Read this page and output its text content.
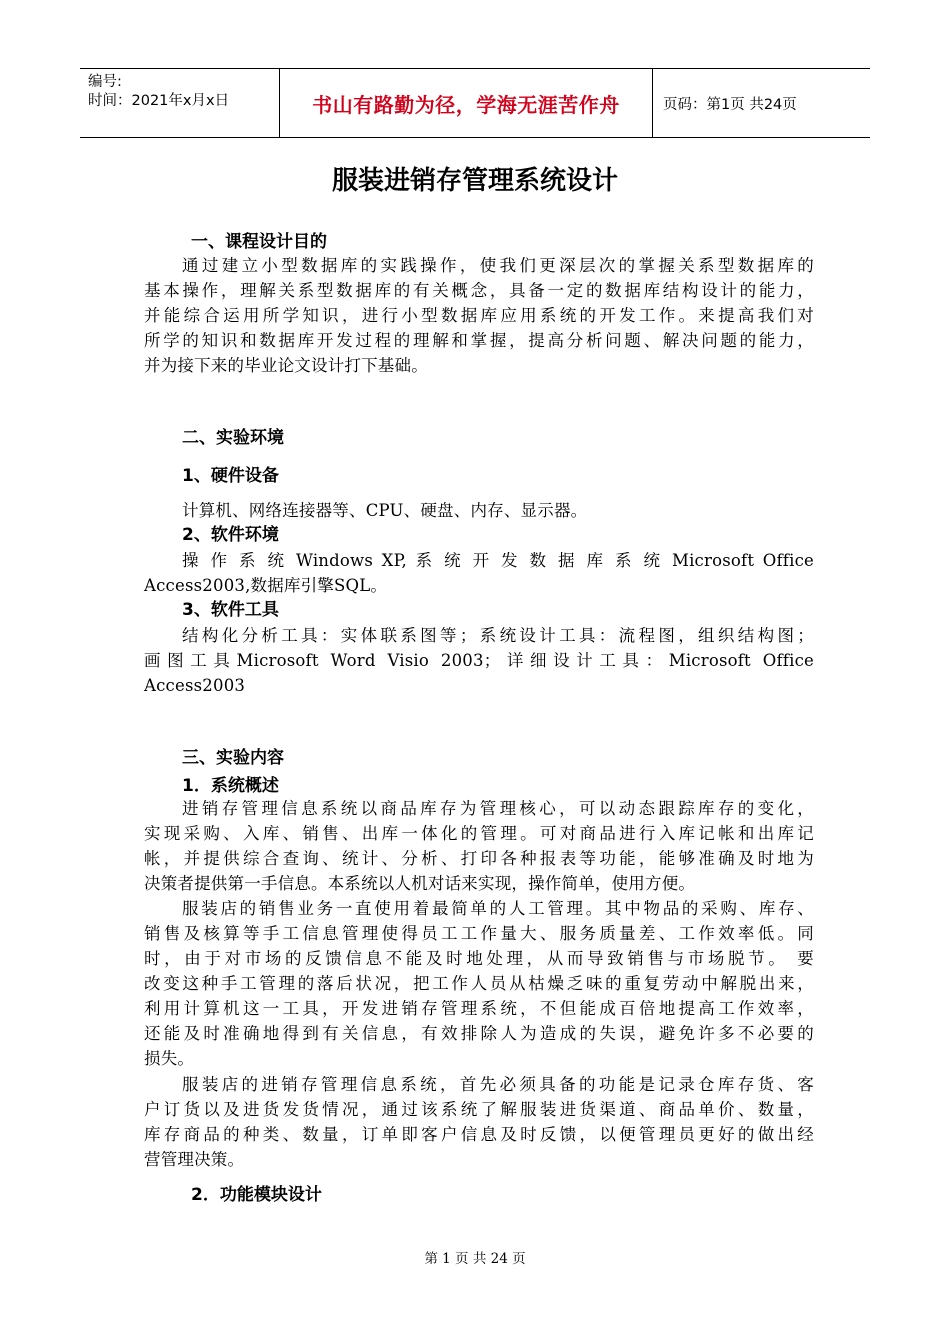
编号:
时间：2021年x月x日	书山有路勤为径，学海无涯苦作舟	页码：第1页 共24页
服装进销存管理系统设计
一、课程设计目的
通过建立小型数据库的实践操作，使我们更深层次的掌握关系型数据库的
基本操作，理解关系型数据库的有关概念，具备一定的数据库结构设计的能力，
并能综合运用所学知识，进行小型数据库应用系统的开发工作。来提高我们对
所学的知识和数据库开发过程的理解和掌握，提高分析问题、解决问题的能力，
并为接下来的毕业论文设计打下基础。
二、实验环境
1、硬件设备
计算机、网络连接器等、CPU、硬盘、内存、显示器。
2、软件环境
操 作 系 统 Windows XP, 系 统 开 发 数 据 库 系 统 Microsoft Office
Access2003,数据库引擎SQL。
3、软件工具
结构化分析工具：实体联系图等；系统设计工具：流程图，组织结构图；
画图工具Microsoft Word Visio 2003；详细设计工具：Microsoft Office
Access2003
三、实验内容
1．系统概述
进销存管理信息系统以商品库存为管理核心，可以动态跟踪库存的变化，
实现采购、入库、销售、出库一体化的管理。可对商品进行入库记帐和出库记
帐，并提供综合查询、统计、分析、打印各种报表等功能，能够准确及时地为
决策者提供第一手信息。本系统以人机对话来实现，操作简单，使用方便。
服装店的销售业务一直使用着最简单的人工管理。其中物品的采购、库存、
销售及核算等手工信息管理使得员工工作量大、服务质量差、工作效率低。同
时，由于对市场的反馈信息不能及时地处理，从而导致销售与市场脱节。 要
改变这种手工管理的落后状况，把工作人员从枯燥乏味的重复劳动中解脱出来，
利用计算机这一工具，开发进销存管理系统，不但能成百倍地提高工作效率，
还能及时准确地得到有关信息，有效排除人为造成的失误，避免许多不必要的
损失。
服装店的进销存管理信息系统，首先必须具备的功能是记录仓库存货、客
户订货以及进货发货情况，通过该系统了解服装进货渠道、商品单价、数量，
库存商品的种类、数量，订单即客户信息及时反馈，以便管理员更好的做出经
营管理决策。
2．功能模块设计
第 1 页 共 24 页
